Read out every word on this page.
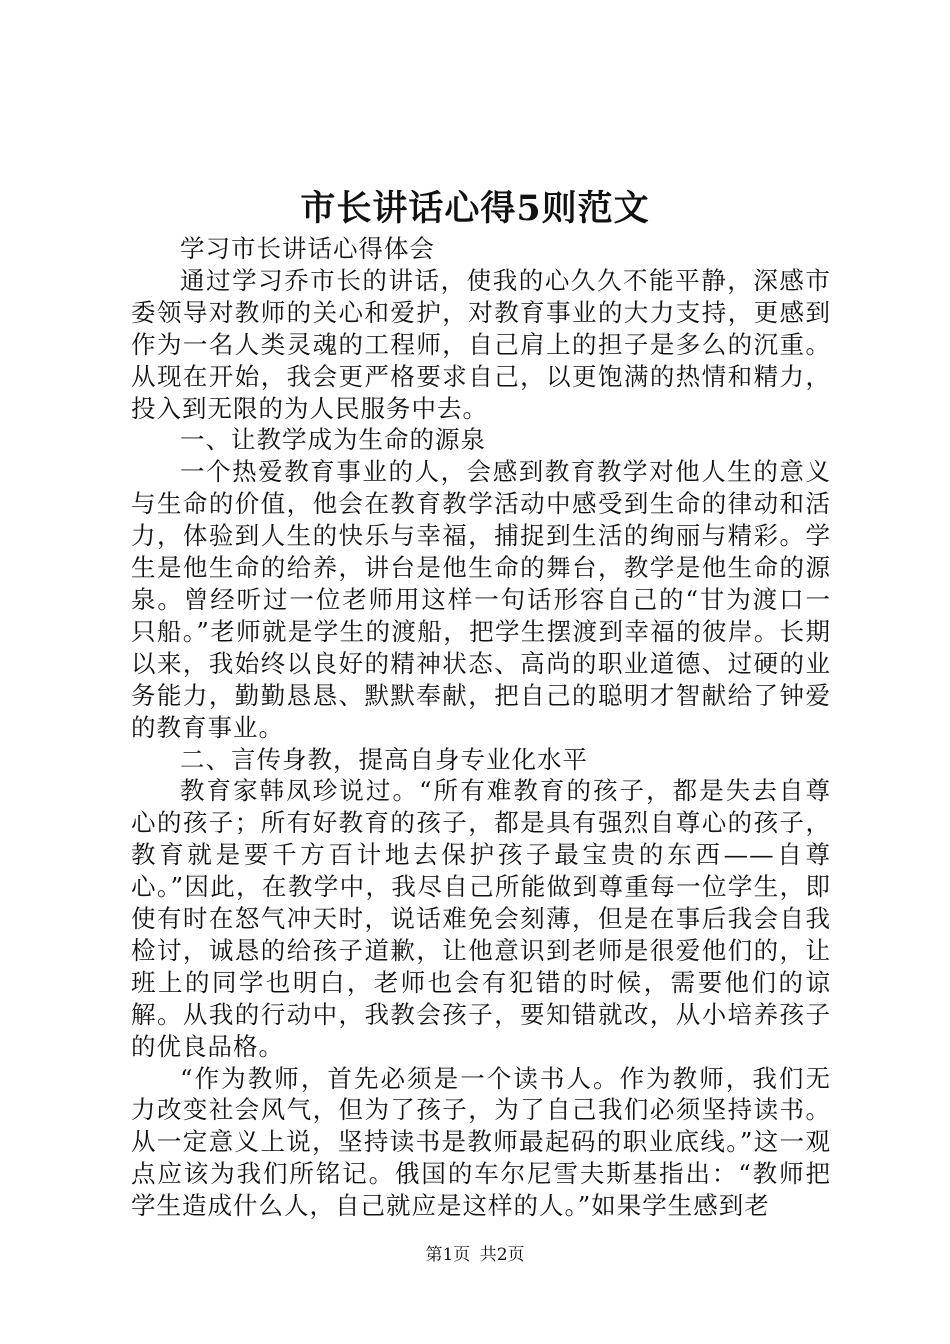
市长讲话心得5则范文

学习市长讲话心得体会

通过学习乔市长的讲话，使我的心久久不能平静，深感市委领导对教师的关心和爱护，对教育事业的大力支持，更感到作为一名人类灵魂的工程师，自己肩上的担子是多么的沉重。从现在开始，我会更严格要求自己，以更饱满的热情和精力，投入到无限的为人民服务中去。

一、让教学成为生命的源泉

一个热爱教育事业的人，会感到教育教学对他人生的意义与生命的价值，他会在教育教学活动中感受到生命的律动和活力，体验到人生的快乐与幸福，捕捉到生活的绚丽与精彩。学生是他生命的给养，讲台是他生命的舞台，教学是他生命的源泉。曾经听过一位老师用这样一句话形容自己的“甘为渡口一只船。”老师就是学生的渡船，把学生摆渡到幸福的彼岸。长期以来，我始终以良好的精神状态、高尚的职业道德、过硬的业务能力，勤勤恳恳、默默奉献，把自己的聪明才智献给了钟爱的教育事业。

二、言传身教，提高自身专业化水平

教育家韩凤珍说过。“所有难教育的孩子，都是失去自尊心的孩子；所有好教育的孩子，都是具有强烈自尊心的孩子，教育就是要千方百计地去保护孩子最宝贵的东西——自尊心。”因此，在教学中，我尽自己所能做到尊重每一位学生，即使有时在怒气冲天时，说话难免会刻薄，但是在事后我会自我检讨，诚恳的给孩子道歉，让他意识到老师是很爱他们的，让班上的同学也明白，老师也会有犯错的时候，需要他们的谅解。从我的行动中，我教会孩子，要知错就改，从小培养孩子的优良品格。

“作为教师，首先必须是一个读书人。作为教师，我们无力改变社会风气，但为了孩子，为了自己我们必须坚持读书。从一定意义上说，坚持读书是教师最起码的职业底线。”这一观点应该为我们所铭记。俄国的车尔尼雪夫斯基指出：“教师把学生造成什么人，自己就应是这样的人。”如果学生感到老

第1页 共2页
